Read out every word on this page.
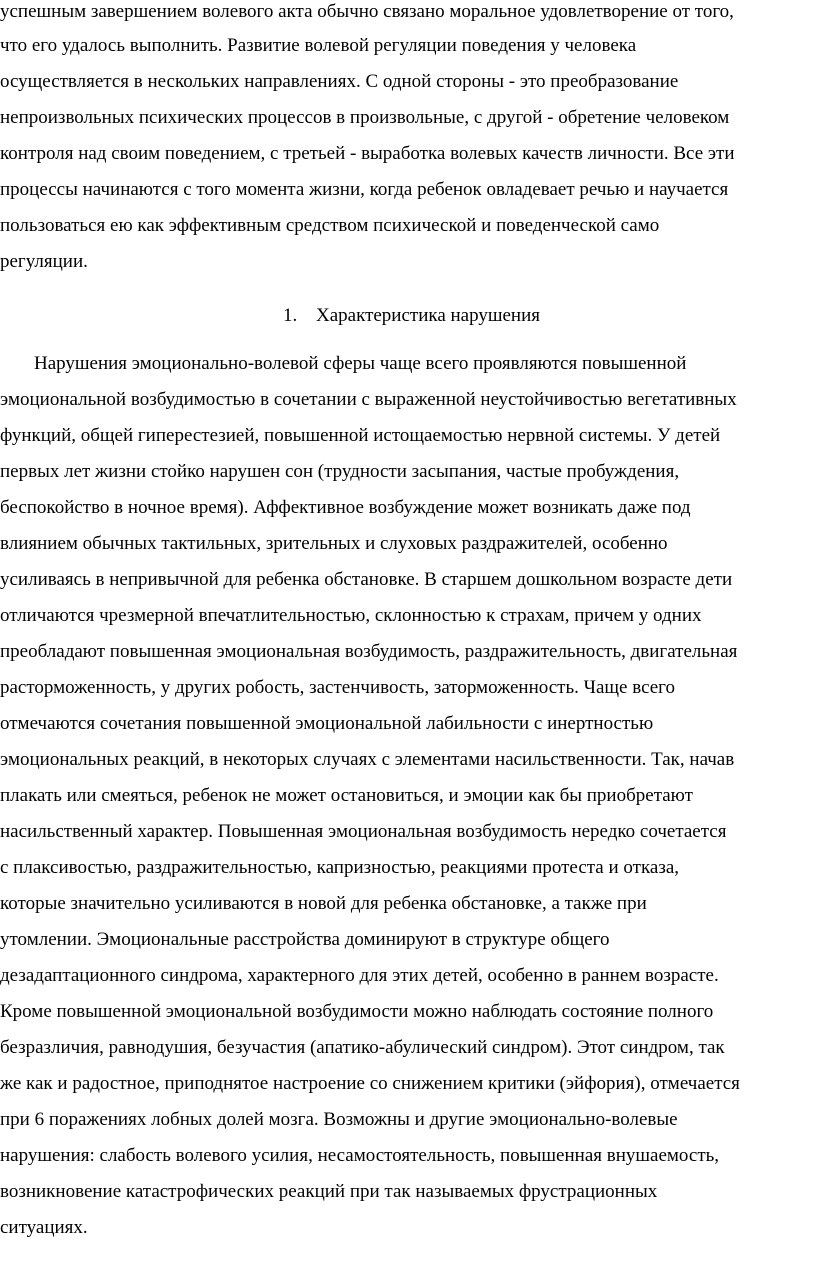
успешным завершением волевого акта обычно связано моральное удовлетворение от того,
что его удалось выполнить. Развитие волевой регуляции поведения у человека
осуществляется в нескольких направлениях. С одной стороны - это преобразование
непроизвольных психических процессов в произвольные, с другой - обретение человеком
контроля над своим поведением, с третьей - выработка волевых качеств личности. Все эти
процессы начинаются с того момента жизни, когда ребенок овладевает речью и научается
пользоваться ею как эффективным средством психической и поведенческой само
регуляции.
1. Характеристика нарушения
Нарушения эмоционально-волевой сферы чаще всего проявляются повышенной
эмоциональной возбудимостью в сочетании с выраженной неустойчивостью вегетативных
функций, общей гиперестезией, повышенной истощаемостью нервной системы. У детей
первых лет жизни стойко нарушен сон (трудности засыпания, частые пробуждения,
беспокойство в ночное время). Аффективное возбуждение может возникать даже под
влиянием обычных тактильных, зрительных и слуховых раздражителей, особенно
усиливаясь в непривычной для ребенка обстановке. В старшем дошкольном возрасте дети
отличаются чрезмерной впечатлительностью, склонностью к страхам, причем у одних
преобладают повышенная эмоциональная возбудимость, раздражительность, двигательная
расторможенность, у других робость, застенчивость, заторможенность. Чаще всего
отмечаются сочетания повышенной эмоциональной лабильности с инертностью
эмоциональных реакций, в некоторых случаях с элементами насильственности. Так, начав
плакать или смеяться, ребенок не может остановиться, и эмоции как бы приобретают
насильственный характер. Повышенная эмоциональная возбудимость нередко сочетается
с плаксивостью, раздражительностью, капризностью, реакциями протеста и отказа,
которые значительно усиливаются в новой для ребенка обстановке, а также при
утомлении. Эмоциональные расстройства доминируют в структуре общего
дезадаптационного синдрома, характерного для этих детей, особенно в раннем возрасте.
Кроме повышенной эмоциональной возбудимости можно наблюдать состояние полного
безразличия, равнодушия, безучастия (апатико-абулический синдром). Этот синдром, так
же как и радостное, приподнятое настроение со снижением критики (эйфория), отмечается
при 6 поражениях лобных долей мозга. Возможны и другие эмоционально-волевые
нарушения: слабость волевого усилия, несамостоятельность, повышенная внушаемость,
возникновение катастрофических реакций при так называемых фрустрационных
ситуациях.
